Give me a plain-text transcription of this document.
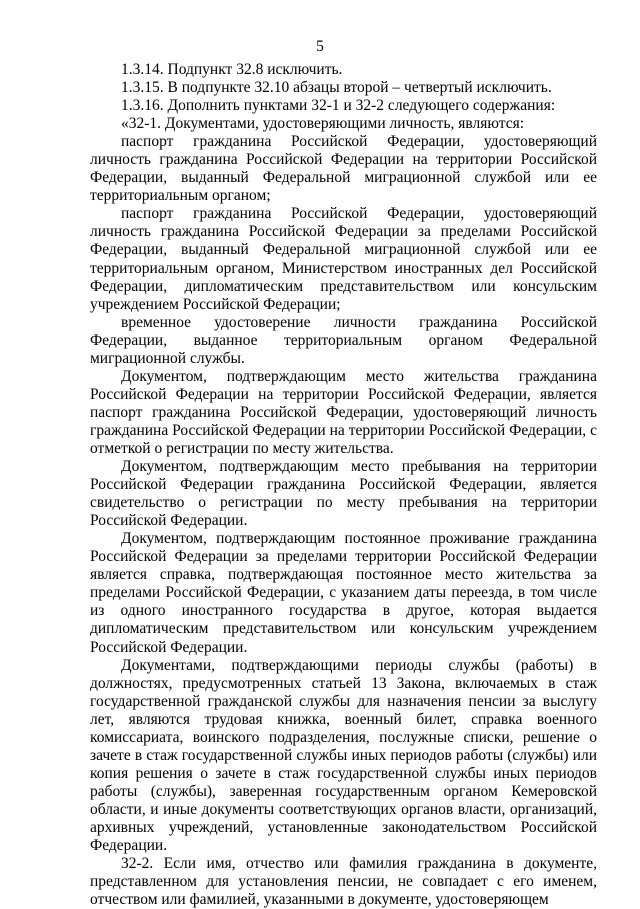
5

1.3.14. Подпункт 32.8 исключить.

1.3.15. В подпункте 32.10 абзацы второй – четвертый исключить.

1.3.16. Дополнить пунктами 32-1 и 32-2 следующего содержания:

«32-1. Документами, удостоверяющими личность, являются:

паспорт гражданина Российской Федерации, удостоверяющий личность гражданина Российской Федерации на территории Российской Федерации, выданный Федеральной миграционной службой или ее территориальным органом;

паспорт гражданина Российской Федерации, удостоверяющий личность гражданина Российской Федерации за пределами Российской Федерации, выданный Федеральной миграционной службой или ее территориальным органом, Министерством иностранных дел Российской Федерации, дипломатическим представительством или консульским учреждением Российской Федерации;

временное удостоверение личности гражданина Российской Федерации, выданное территориальным органом Федеральной миграционной службы.

Документом, подтверждающим место жительства гражданина Российской Федерации на территории Российской Федерации, является паспорт гражданина Российской Федерации, удостоверяющий личность гражданина Российской Федерации на территории Российской Федерации, с отметкой о регистрации по месту жительства.

Документом, подтверждающим место пребывания на территории Российской Федерации гражданина Российской Федерации, является свидетельство о регистрации по месту пребывания на территории Российской Федерации.

Документом, подтверждающим постоянное проживание гражданина Российской Федерации за пределами территории Российской Федерации является справка, подтверждающая постоянное место жительства за пределами Российской Федерации, с указанием даты переезда, в том числе из одного иностранного государства в другое, которая выдается дипломатическим представительством или консульским учреждением Российской Федерации.

Документами, подтверждающими периоды службы (работы) в должностях, предусмотренных статьей 13 Закона, включаемых в стаж государственной гражданской службы для назначения пенсии за выслугу лет, являются трудовая книжка, военный билет, справка военного комиссариата, воинского подразделения, послужные списки, решение о зачете в стаж государственной службы иных периодов работы (службы) или копия решения о зачете в стаж государственной службы иных периодов работы (службы), заверенная государственным органом Кемеровской области, и иные документы соответствующих органов власти, организаций, архивных учреждений, установленные законодательством Российской Федерации.

32-2. Если имя, отчество или фамилия гражданина в документе, представленном для установления пенсии, не совпадает с его именем, отчеством или фамилией, указанными в документе, удостоверяющем
